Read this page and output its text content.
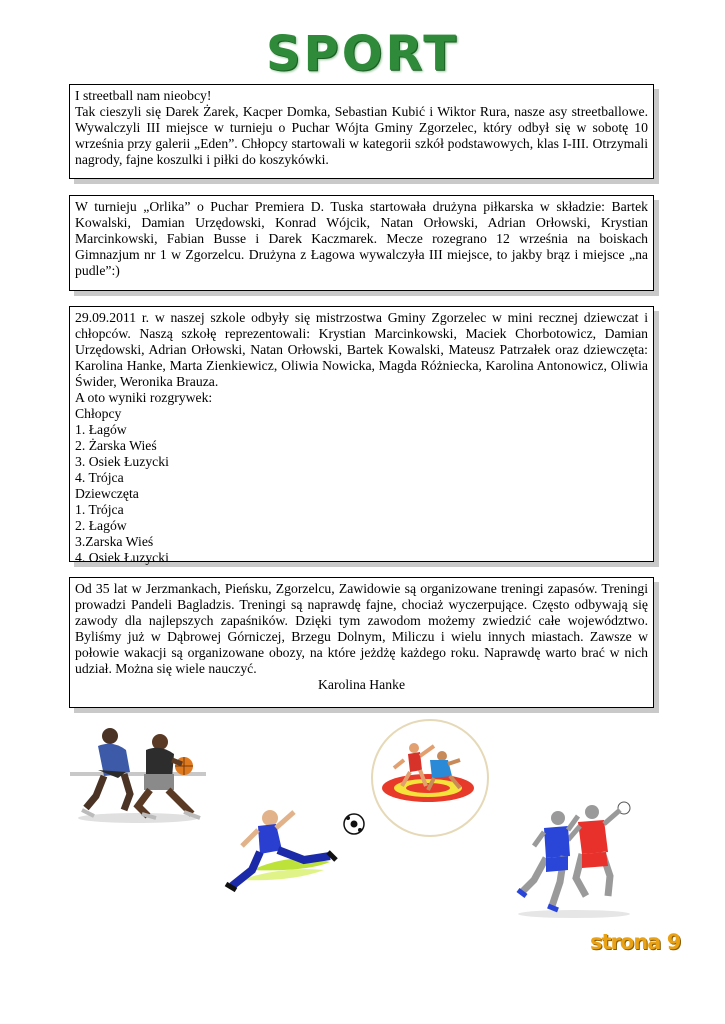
SPORT

I streetball nam nieobcy!

Tak cieszyli się Darek Żarek, Kacper Domka, Sebastian Kubić i Wiktor Rura, nasze asy streetballowe. Wywalczyli III miejsce w turnieju o Puchar Wójta Gminy Zgorzelec, który odbył się w sobotę 10 września przy galerii „Eden”. Chłopcy startowali w kategorii szkół podstawowych, klas I-III. Otrzymali nagrody, fajne koszulki i piłki do koszykówki.

W turnieju „Orlika” o Puchar Premiera D. Tuska startowała drużyna piłkarska w składzie: Bartek Kowalski, Damian Urzędowski, Konrad Wójcik, Natan Orłowski, Adrian Orłowski, Krystian Marcinkowski, Fabian Busse i Darek Kaczmarek. Mecze rozegrano 12 września na boiskach Gimnazjum nr 1 w Zgorzelcu. Drużyna z Łagowa wywalczyła III miejsce, to jakby brąz i miejsce „na pudle”:)

29.09.2011 r. w naszej szkole odbyły się mistrzostwa Gminy Zgorzelec w mini recznej dziewczat i chłopców. Naszą szkołę reprezentowali: Krystian Marcinkowski, Maciek Chorbotowicz, Damian Urzędowski, Adrian Orłowski, Natan Orłowski, Bartek Kowalski, Mateusz Patrzałek oraz dziewczęta: Karolina Hanke, Marta Zienkiewicz, Oliwia Nowicka, Magda Różniecka, Karolina Antonowicz, Oliwia Świder, Weronika Brauza.

A oto wyniki rozgrywek:

Chłopcy

1. Łagów

2. Żarska Wieś

3. Osiek Łuzycki

4. Trójca

Dziewczęta

1. Trójca

2. Łagów

3.Zarska Wieś

4. Osiek Łuzycki

Od 35 lat w Jerzmankach, Pieńsku, Zgorzelcu, Zawidowie są organizowane treningi zapasów. Treningi prowadzi Pandeli Bagladzis. Treningi są naprawdę fajne, chociaż wyczerpujące. Często odbywają się zawody dla najlepszych zapaśników. Dzięki tym zawodom możemy zwiedzić całe województwo. Byliśmy już w Dąbrowej Górniczej, Brzegu Dolnym, Miliczu i wielu innych miastach. Zawsze w połowie wakacji są organizowane obozy, na które jeżdżę każdego roku. Naprawdę warto brać w nich udział. Można się wiele nauczyć.

Karolina Hanke

strona 9
